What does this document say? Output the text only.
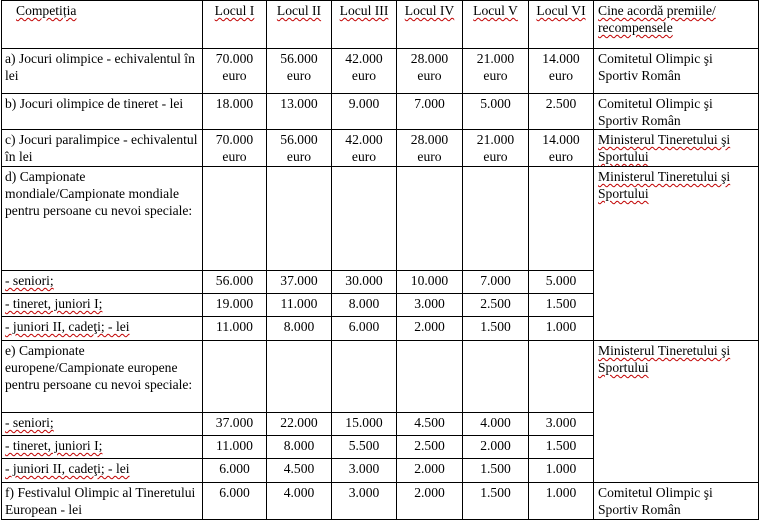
Competiția	Locul I	Locul II	Locul III	Locul IV	Locul V	Locul VI	Cine acordă premiile/ recompensele
a) Jocuri olimpice - echivalentul în lei	70.000 euro	56.000 euro	42.000 euro	28.000 euro	21.000 euro	14.000 euro	Comitetul Olimpic şi Sportiv Român
b) Jocuri olimpice de tineret - lei	18.000	13.000	9.000	7.000	5.000	2.500	Comitetul Olimpic şi Sportiv Român
c) Jocuri paralimpice - echivalentul în lei	70.000 euro	56.000 euro	42.000 euro	28.000 euro	21.000 euro	14.000 euro	Ministerul Tineretului şi Sportului
d) Campionate mondiale/Campionate mondiale pentru persoane cu nevoi speciale:							Ministerul Tineretului şi Sportului
- seniori;	56.000	37.000	30.000	10.000	7.000	5.000	
- tineret, juniori I;	19.000	11.000	8.000	3.000	2.500	1.500	
- juniori II, cadeţi; - lei	11.000	8.000	6.000	2.000	1.500	1.000	
e) Campionate europene/Campionate europene pentru persoane cu nevoi speciale:							Ministerul Tineretului şi Sportului
- seniori;	37.000	22.000	15.000	4.500	4.000	3.000	
- tineret, juniori I;	11.000	8.000	5.500	2.500	2.000	1.500	
- juniori II, cadeţi; - lei	6.000	4.500	3.000	2.000	1.500	1.000	
f) Festivalul Olimpic al Tineretului European - lei	6.000	4.000	3.000	2.000	1.500	1.000	Comitetul Olimpic şi Sportiv Român
